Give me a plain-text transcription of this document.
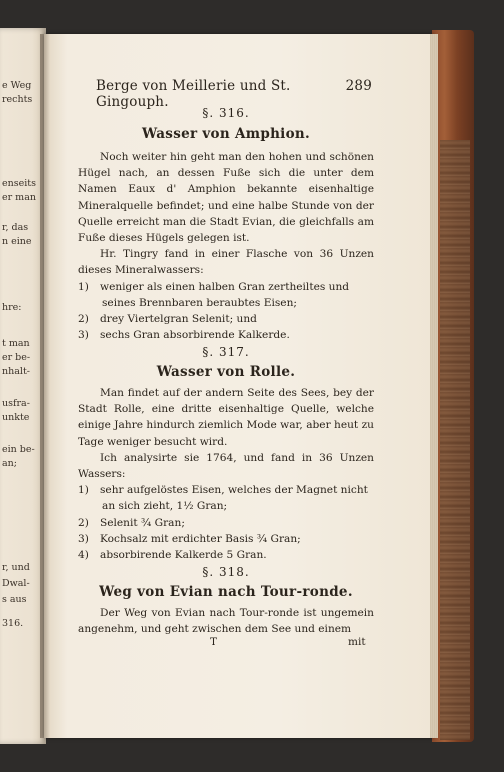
e Weg
rechts
enseits
er man
r, das
n eine
hre:
t man
er be-
nhalt-
usfra-
unkte
ein be-
an;
r, und
Dwal-
s aus
316.
Berge von Meillerie und St. Gingouph.
289
§. 316.
Wasser von Amphion.

Noch weiter hin geht man den hohen und schönen Hügel nach, an dessen Fuße sich die unter dem Namen Eaux d' Amphion bekannte eisenhaltige Mineralquelle befindet; und eine halbe Stunde von der Quelle erreicht man die Stadt Evian, die gleichfalls am Fuße dieses Hügels gelegen ist.

Hr. Tingry fand in einer Flasche von 36 Unzen dieses Mineralwassers:

1) weniger als einen halben Gran zertheiltes und seines Brennbaren beraubtes Eisen;
2) drey Viertelgran Selenit; und
3) sechs Gran absorbirende Kalkerde.
§. 317.
Wasser von Rolle.

Man findet auf der andern Seite des Sees, bey der Stadt Rolle, eine dritte eisenhaltige Quelle, welche einige Jahre hindurch ziemlich Mode war, aber heut zu Tage weniger besucht wird.

Ich analysirte sie 1764, und fand in 36 Unzen Wassers:

1) sehr aufgelöstes Eisen, welches der Magnet nicht an sich zieht, 1½ Gran;
2) Selenit ¾ Gran;
3) Kochsalz mit erdichter Basis ¾ Gran;
4) absorbirende Kalkerde 5 Gran.
§. 318.
Weg von Evian nach Tour-ronde.

Der Weg von Evian nach Tour-ronde ist ungemein angenehm, und geht zwischen dem See und einem

T	mit
